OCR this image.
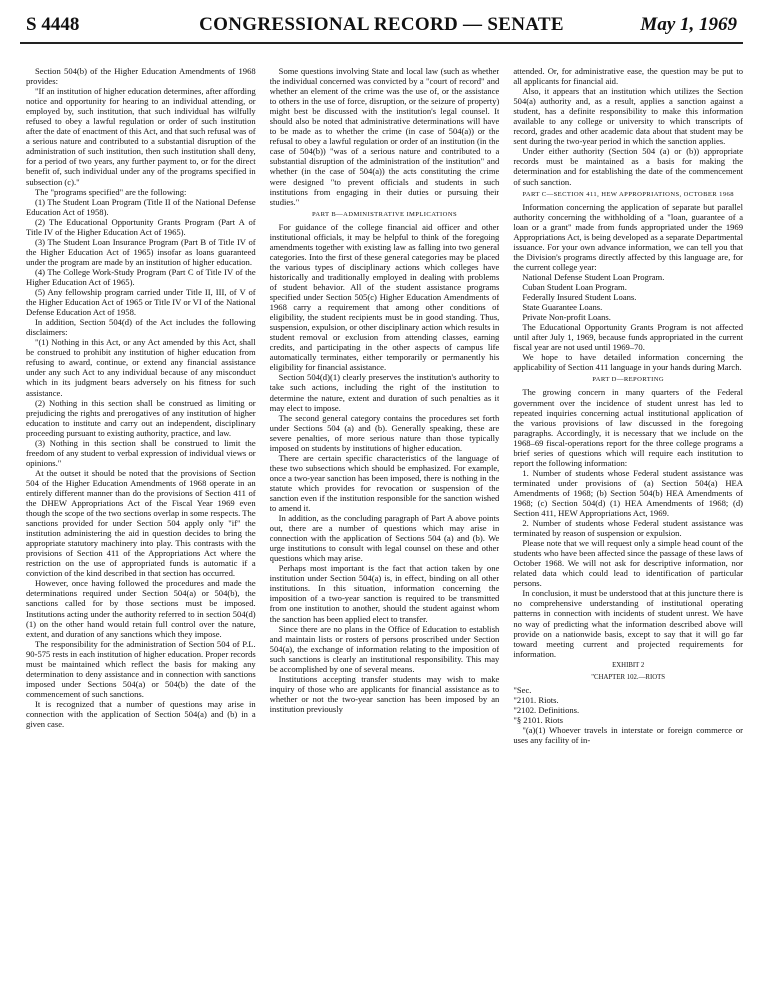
S 4448	CONGRESSIONAL RECORD — SENATE	May 1, 1969

Section 504(b) of the Higher Education Amendments of 1968 provides:

"If an institution of higher education determines, after affording notice and opportunity for hearing to an individual attending, or employed by, such institution, that such individual has wilfully refused to obey a lawful regulation or order of such institution after the date of enactment of this Act, and that such refusal was of a serious nature and contributed to a substantial disruption of the administration of such institution, then such institution shall deny, for a period of two years, any further payment to, or for the direct benefit of, such individual under any of the programs specified in subsection (c)."

The "programs specified" are the following:

(1) The Student Loan Program (Title II of the National Defense Education Act of 1958).

(2) The Educational Opportunity Grants Program (Part A of Title IV of the Higher Education Act of 1965).

(3) The Student Loan Insurance Program (Part B of Title IV of the Higher Education Act of 1965) insofar as loans guaranteed under the program are made by an institution of higher education.

(4) The College Work-Study Program (Part C of Title IV of the Higher Education Act of 1965).

(5) Any fellowship program carried under Title II, III, of V of the Higher Education Act of 1965 or Title IV or VI of the National Defense Education Act of 1958.

In addition, Section 504(d) of the Act includes the following disclaimers:

"(1) Nothing in this Act, or any Act amended by this Act, shall be construed to prohibit any institution of higher education from refusing to award, continue, or extend any financial assistance under any such Act to any individual because of any misconduct which in its judgment bears adversely on his fitness for such assistance.

(2) Nothing in this section shall be construed as limiting or prejudicing the rights and prerogatives of any institution of higher education to institute and carry out an independent, disciplinary proceeding pursuant to existing authority, practice, and law.

(3) Nothing in this section shall be construed to limit the freedom of any student to verbal expression of individual views or opinions."

At the outset it should be noted that the provisions of Section 504 of the Higher Education Amendments of 1968 operate in an entirely different manner than do the provisions of Section 411 of the DHEW Appropriations Act of the Fiscal Year 1969 even though the scope of the two sections overlap in some respects. The sanctions provided for under Section 504 apply only "if" the institution administering the aid in question decides to bring the appropriate statutory machinery into play. This contrasts with the provisions of Section 411 of the Appropriations Act where the restriction on the use of appropriated funds is automatic if a conviction of the kind described in that section has occurred.

However, once having followed the procedures and made the determinations required under Section 504(a) or 504(b), the sanctions called for by those sections must be imposed. Institutions acting under the authority referred to in section 504(d)(1) on the other hand would retain full control over the nature, extent, and duration of any sanctions which they impose.

The responsibility for the administration of Section 504 of P.L. 90-575 rests in each institution of higher education. Proper records must be maintained which reflect the basis for making any determination to deny assistance and in connection with sanctions imposed under Sections 504(a) or 504(b) the date of the commencement of such sanctions.

It is recognized that a number of questions may arise in connection with the application of Section 504(a) and (b) in a given case.

Some questions involving State and local law (such as whether the individual concerned was convicted by a "court of record" and whether an element of the crime was the use of, or the assistance to others in the use of force, disruption, or the seizure of property) might best be discussed with the institution's legal counsel. It should also be noted that administrative determinations will have to be made as to whether the crime (in case of 504(a)) or the refusal to obey a lawful regulation or order of an institution (in the case of 504(b)) "was of a serious nature and contributed to a substantial disruption of the administration of the institution" and whether (in the case of 504(a)) the acts constituting the crime were designed "to prevent officials and students in such institutions from engaging in their duties or pursuing their studies."

PART B—ADMINISTRATIVE IMPLICATIONS

For guidance of the college financial aid officer and other institutional officials, it may be helpful to think of the foregoing amendments together with existing law as falling into two general categories. Into the first of these general categories may be placed the various types of disciplinary actions which colleges have historically and traditionally employed in dealing with problems of student behavior. All of the student assistance programs specified under Section 505(c) Higher Education Amendments of 1968 carry a requirement that among other conditions of eligibility, the student recipients must be in good standing. Thus, suspension, expulsion, or other disciplinary action which results in student removal or exclusion from attending classes, earning credits, and participating in the other aspects of campus life automatically terminates, either temporarily or permanently his eligibility for financial assistance.

Section 504(d)(1) clearly preserves the institution's authority to take such actions, including the right of the institution to determine the nature, extent and duration of such penalties as it may elect to impose.

The second general category contains the procedures set forth under Sections 504 (a) and (b). Generally speaking, these are severe penalties, of more serious nature than those typically imposed on students by institutions of higher education.

There are certain specific characteristics of the language of these two subsections which should be emphasized. For example, once a two-year sanction has been imposed, there is nothing in the statute which provides for revocation or suspension of the sanction even if the institution responsible for the sanction wished to amend it.

In addition, as the concluding paragraph of Part A above points out, there are a number of questions which may arise in connection with the application of Sections 504 (a) and (b). We urge institutions to consult with legal counsel on these and other questions which may arise.

Perhaps most important is the fact that action taken by one institution under Section 504(a) is, in effect, binding on all other institutions. In this situation, information concerning the imposition of a two-year sanction is required to be transmitted from one institution to another, should the student against whom the sanction has been applied elect to transfer.

Since there are no plans in the Office of Education to establish and maintain lists or rosters of persons proscribed under Section 504(a), the exchange of information relating to the imposition of such sanctions is clearly an institutional responsibility. This may be accomplished by one of several means.

Institutions accepting transfer students may wish to make inquiry of those who are applicants for financial assistance as to whether or not the two-year sanction has been imposed by an institution previously

attended. Or, for administrative ease, the question may be put to all applicants for financial aid.

Also, it appears that an institution which utilizes the Section 504(a) authority and, as a result, applies a sanction against a student, has a definite responsibility to make this information available to any college or university to which transcripts of record, grades and other academic data about that student may be sent during the two-year period in which the sanction applies.

Under either authority (Section 504 (a) or (b)) appropriate records must be maintained as a basis for making the determination and for establishing the date of the commencement of such sanction.

PART C—SECTION 411, HEW APPROPRIATIONS, OCTOBER 1968

Information concerning the application of separate but parallel authority concerning the withholding of a "loan, guarantee of a loan or a grant" made from funds appropriated under the 1969 Appropriations Act, is being developed as a separate Departmental issuance. For your own advance information, we can tell you that the Division's programs directly affected by this language are, for the current college year:

National Defense Student Loan Program.

Cuban Student Loan Program.

Federally Insured Student Loans.

State Guarantee Loans.

Private Non-profit Loans.

The Educational Opportunity Grants Program is not affected until after July 1, 1969, because funds appropriated in the current fiscal year are not used until 1969–70.

We hope to have detailed information concerning the applicability of Section 411 language in your hands during March.

PART D—REPORTING

The growing concern in many quarters of the Federal government over the incidence of student unrest has led to repeated inquiries concerning actual institutional application of the various provisions of law discussed in the foregoing paragraphs. Accordingly, it is necessary that we include on the 1968–69 fiscal-operations report for the three college programs a brief series of questions which will require each institution to report the following information:

1. Number of students whose Federal student assistance was terminated under provisions of (a) Section 504(a) HEA Amendments of 1968; (b) Section 504(b) HEA Amendments of 1968; (c) Section 504(d) (1) HEA Amendments of 1968; (d) Section 411, HEW Appropriations Act, 1969.

2. Number of students whose Federal student assistance was terminated by reason of suspension or expulsion.

Please note that we will request only a simple head count of the students who have been affected since the passage of these laws of October 1968. We will not ask for descriptive information, nor related data which could lead to identification of particular persons.

In conclusion, it must be understood that at this juncture there is no comprehensive understanding of institutional operating patterns in connection with incidents of student unrest. We have no way of predicting what the information described above will provide on a nationwide basis, except to say that it will go far toward meeting current and projected requirements for information.

EXHIBIT 2

"CHAPTER 102.—RIOTS

"Sec.

"2101. Riots.

"2102. Definitions.

"§ 2101. Riots

"(a)(1) Whoever travels in interstate or foreign commerce or uses any facility of in-
